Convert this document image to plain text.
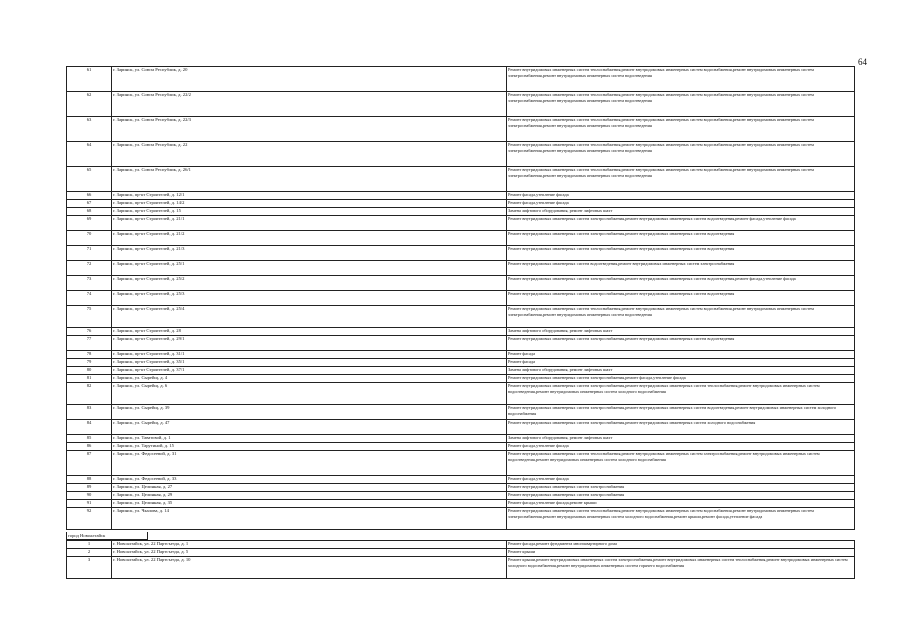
64
61	г. Заринск, ул. Союза Республик, д. 20	Ремонт внутридомовых инженерных систем теплоснабжения,ремонт внутридомовых инженерных систем водоснабжения,ремонт внутридомовых инженерных систем электроснабжения,ремонт внутридомовых инженерных систем водоотведения
62	г. Заринск, ул. Союза Республик, д. 22/2	Ремонт внутридомовых инженерных систем теплоснабжения,ремонт внутридомовых инженерных систем водоснабжения,ремонт внутридомовых инженерных систем электроснабжения,ремонт внутридомовых инженерных систем водоотведения
63	г. Заринск, ул. Союза Республик, д. 22/3	Ремонт внутридомовых инженерных систем теплоснабжения,ремонт внутридомовых инженерных систем водоснабжения,ремонт внутридомовых инженерных систем электроснабжения,ремонт внутридомовых инженерных систем водоотведения
64	г. Заринск, ул. Союза Республик, д. 22	Ремонт внутридомовых инженерных систем теплоснабжения,ремонт внутридомовых инженерных систем водоснабжения,ремонт внутридомовых инженерных систем электроснабжения,ремонт внутридомовых инженерных систем водоотведения
65	г. Заринск, ул. Союза Республик, д. 26/1	Ремонт внутридомовых инженерных систем теплоснабжения,ремонт внутридомовых инженерных систем водоснабжения,ремонт внутридомовых инженерных систем электроснабжения,ремонт внутридомовых инженерных систем водоотведения
66	г. Заринск, пр-кт Строителей, д. 12/1	Ремонт фасада,утепление фасада
67	г. Заринск, пр-кт Строителей, д. 14/2	Ремонт фасада,утепление фасада
68	г. Заринск, пр-кт Строителей, д. 15	Замена лифтового оборудования, ремонт лифтовых шахт
69	г. Заринск, пр-кт Строителей, д. 21/1	Ремонт внутридомовых инженерных систем электроснабжения,ремонт внутридомовых инженерных систем водоотведения,ремонт фасада,утепление фасада
70	г. Заринск, пр-кт Строителей, д. 21/2	Ремонт внутридомовых инженерных систем электроснабжения,ремонт внутридомовых инженерных систем водоотведения
71	г. Заринск, пр-кт Строителей, д. 21/3	Ремонт внутридомовых инженерных систем электроснабжения,ремонт внутридомовых инженерных систем водоотведения
72	г. Заринск, пр-кт Строителей, д. 25/1	Ремонт внутридомовых инженерных систем водоотведения,ремонт внутридомовых инженерных систем электроснабжения
73	г. Заринск, пр-кт Строителей, д. 25/2	Ремонт внутридомовых инженерных систем электроснабжения,ремонт внутридомовых инженерных систем водоотведения,ремонт фасада,утепление фасада
74	г. Заринск, пр-кт Строителей, д. 25/3	Ремонт внутридомовых инженерных систем электроснабжения,ремонт внутридомовых инженерных систем водоотведения
75	г. Заринск, пр-кт Строителей, д. 25/4	Ремонт внутридомовых инженерных систем теплоснабжения,ремонт внутридомовых инженерных систем водоснабжения,ремонт внутридомовых инженерных систем электроснабжения,ремонт внутридомовых инженерных систем водоотведения
76	г. Заринск, пр-кт Строителей, д. 28	Замена лифтового оборудования, ремонт лифтовых шахт
77	г. Заринск, пр-кт Строителей, д. 29/1	Ремонт внутридомовых инженерных систем электроснабжения,ремонт внутридомовых инженерных систем водоотведения
78	г. Заринск, пр-кт Строителей, д. 31/1	Ремонт фасада
79	г. Заринск, пр-кт Строителей, д. 35/1	Ремонт фасада
80	г. Заринск, пр-кт Строителей, д. 37/1	Замена лифтового оборудования, ремонт лифтовых шахт
81	г. Заринск, ул. Сырейщ, д. 4	Ремонт внутридомовых инженерных систем электроснабжения,ремонт фасада,утепление фасада
82	г. Заринск, ул. Сырейщ, д. 6	Ремонт внутридомовых инженерных систем электроснабжения,ремонт внутридомовых инженерных систем теплоснабжения,ремонт внутридомовых инженерных систем водоотведения,ремонт внутридомовых инженерных систем холодного водоснабжения
83	г. Заринск, ул. Сырейщ, д. 39	Ремонт внутридомовых инженерных систем электроснабжения,ремонт внутридомовых инженерных систем водоотведения,ремонт внутридомовых инженерных систем холодного водоснабжения
84	г. Заринск, ул. Сырейщ, д. 47	Ремонт внутридомовых инженерных систем электроснабжения,ремонт внутридомовых инженерных систем холодного водоснабжения
85	г. Заринск, ул. Таватовой, д. 1	Замена лифтового оборудования, ремонт лифтовых шахт
86	г. Заринск, ул. Тарутиной, д. 15	Ремонт фасада,утепление фасада
87	г. Заринск, ул. Федосеевой, д. 31	Ремонт внутридомовых инженерных систем теплоснабжения,ремонт внутридомовых инженерных систем электроснабжения,ремонт внутридомовых инженерных систем водоотведения,ремонт внутридомовых инженерных систем холодного водоснабжения
88	г. Заринск, ул. Федосеевой, д. 33	Ремонт фасада,утепление фасада
89	г. Заринск, ул. Целинная, д. 27	Ремонт внутридомовых инженерных систем электроснабжения
90	г. Заринск, ул. Целинная, д. 29	Ремонт внутридомовых инженерных систем электроснабжения
91	г. Заринск, ул. Целинная, д. 35	Ремонт фасада,утепление фасада,ремонт крыши
92	г. Заринск, ул. Чкалова, д. 14	Ремонт внутридомовых инженерных систем теплоснабжения,ремонт внутридомовых инженерных систем водоснабжения,ремонт внутридомовых инженерных систем электроснабжения,ремонт внутридомовых инженерных систем холодного водоснабжения,ремонт крыши,ремонт фасада,утепление фасада
город Новоалтайск
1	г. Новоалтайск, ул. 22 Партсъезда, д. 1	Ремонт фасада,ремонт фундамента многоквартирного дома
2	г. Новоалтайск, ул. 22 Партсъезда, д. 5	Ремонт крыши
3	г. Новоалтайск, ул. 22 Партсъезда, д. 10	Ремонт крыши,ремонт внутридомовых инженерных систем электроснабжения,ремонт внутридомовых инженерных систем теплоснабжения,ремонт внутридомовых инженерных систем холодного водоснабжения,ремонт внутридомовых инженерных систем горячего водоснабжения
